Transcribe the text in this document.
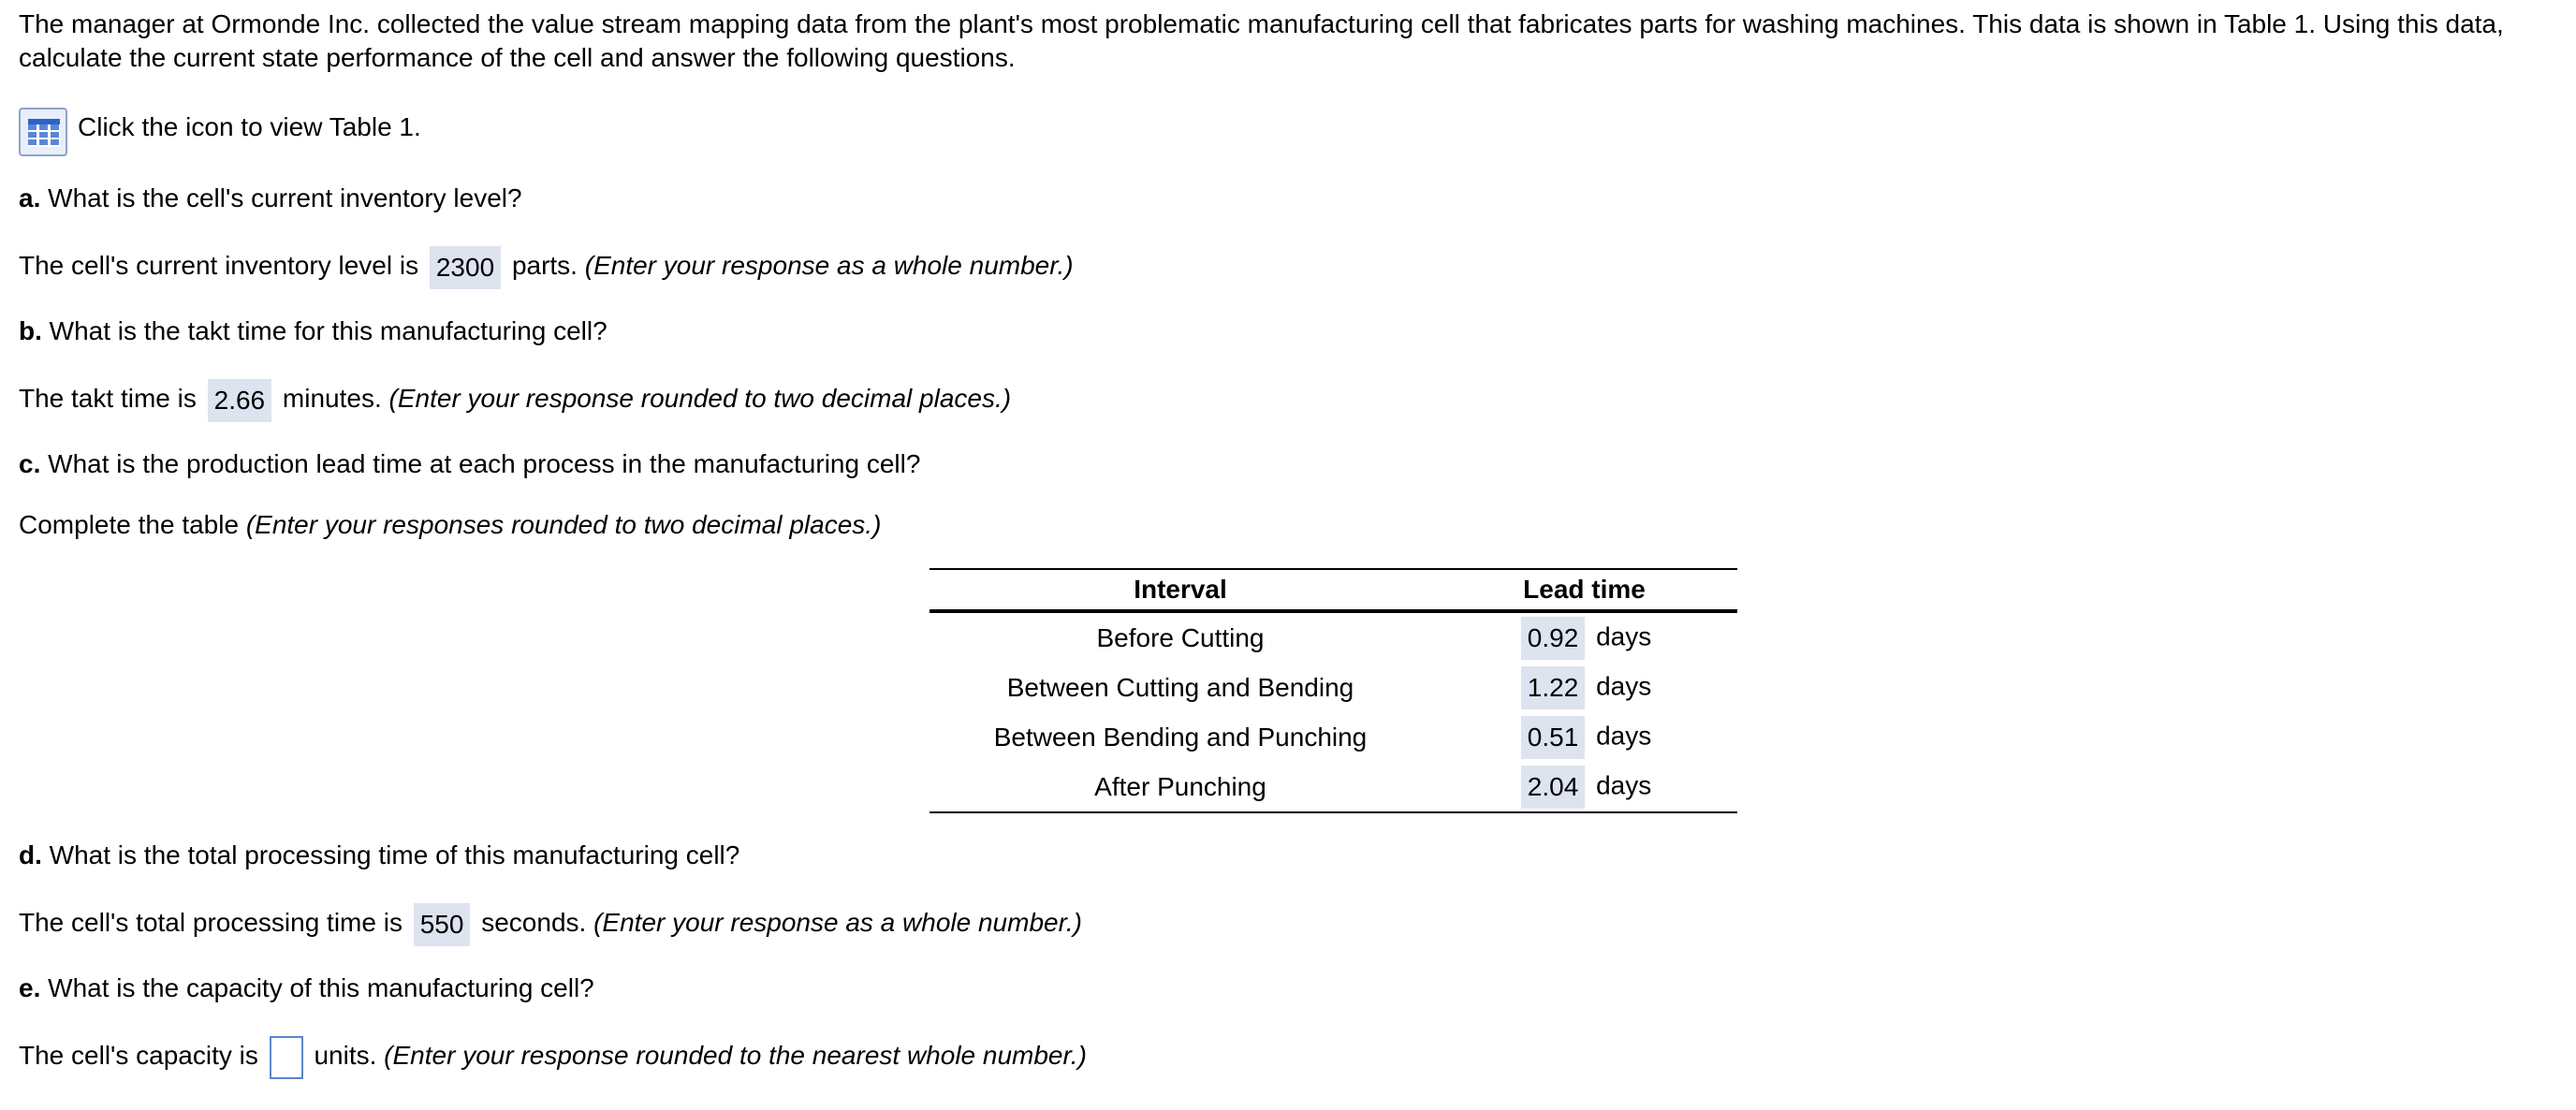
The manager at Ormonde Inc. collected the value stream mapping data from the plant's most problematic manufacturing cell that fabricates parts for washing machines. This data is shown in Table 1. Using this data, calculate the current state performance of the cell and answer the following questions.
Click the icon to view Table 1.
a. What is the cell's current inventory level?
The cell's current inventory level is 2300 parts. (Enter your response as a whole number.)
b. What is the takt time for this manufacturing cell?
The takt time is 2.66 minutes. (Enter your response rounded to two decimal places.)
c. What is the production lead time at each process in the manufacturing cell?
Complete the table (Enter your responses rounded to two decimal places.)
Interval	Lead time
Before Cutting	0.92 days
Between Cutting and Bending	1.22 days
Between Bending and Punching	0.51 days
After Punching	2.04 days
d. What is the total processing time of this manufacturing cell?
The cell's total processing time is 550 seconds. (Enter your response as a whole number.)
e. What is the capacity of this manufacturing cell?
The cell's capacity is units. (Enter your response rounded to the nearest whole number.)
